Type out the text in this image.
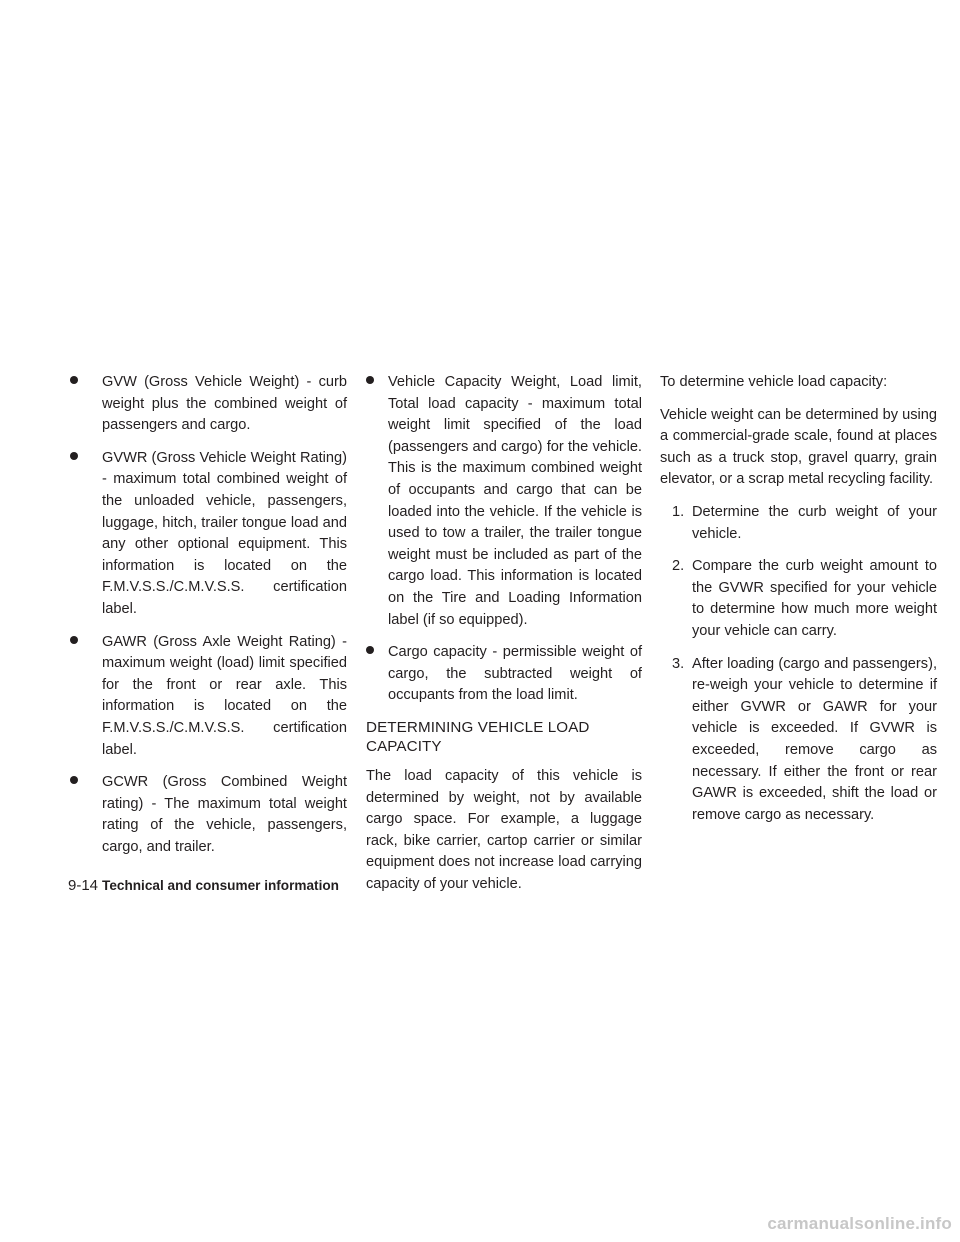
GVW (Gross Vehicle Weight) - curb weight plus the combined weight of passengers and cargo.
GVWR (Gross Vehicle Weight Rating) - maximum total combined weight of the unloaded vehicle, passengers, luggage, hitch, trailer tongue load and any other optional equipment. This information is located on the F.M.V.S.S./C.M.V.S.S. certification label.
GAWR (Gross Axle Weight Rating) - maximum weight (load) limit specified for the front or rear axle. This information is located on the F.M.V.S.S./C.M.V.S.S. certification label.
GCWR (Gross Combined Weight rating) - The maximum total weight rating of the vehicle, passengers, cargo, and trailer.
Vehicle Capacity Weight, Load limit, Total load capacity - maximum total weight limit specified of the load (passengers and cargo) for the vehicle. This is the maximum combined weight of occupants and cargo that can be loaded into the vehicle. If the vehicle is used to tow a trailer, the trailer tongue weight must be included as part of the cargo load. This information is located on the Tire and Loading Information label (if so equipped).
Cargo capacity - permissible weight of cargo, the subtracted weight of occupants from the load limit.
DETERMINING VEHICLE LOAD CAPACITY
The load capacity of this vehicle is determined by weight, not by available cargo space. For example, a luggage rack, bike carrier, cartop carrier or similar equipment does not increase load carrying capacity of your vehicle.
To determine vehicle load capacity:
Vehicle weight can be determined by using a commercial-grade scale, found at places such as a truck stop, gravel quarry, grain elevator, or a scrap metal recycling facility.
1. Determine the curb weight of your vehicle.
2. Compare the curb weight amount to the GVWR specified for your vehicle to determine how much more weight your vehicle can carry.
3. After loading (cargo and passengers), re-weigh your vehicle to determine if either GVWR or GAWR for your vehicle is exceeded. If GVWR is exceeded, remove cargo as necessary. If either the front or rear GAWR is exceeded, shift the load or remove cargo as necessary.
9-14 Technical and consumer information
carmanualsonline.info
